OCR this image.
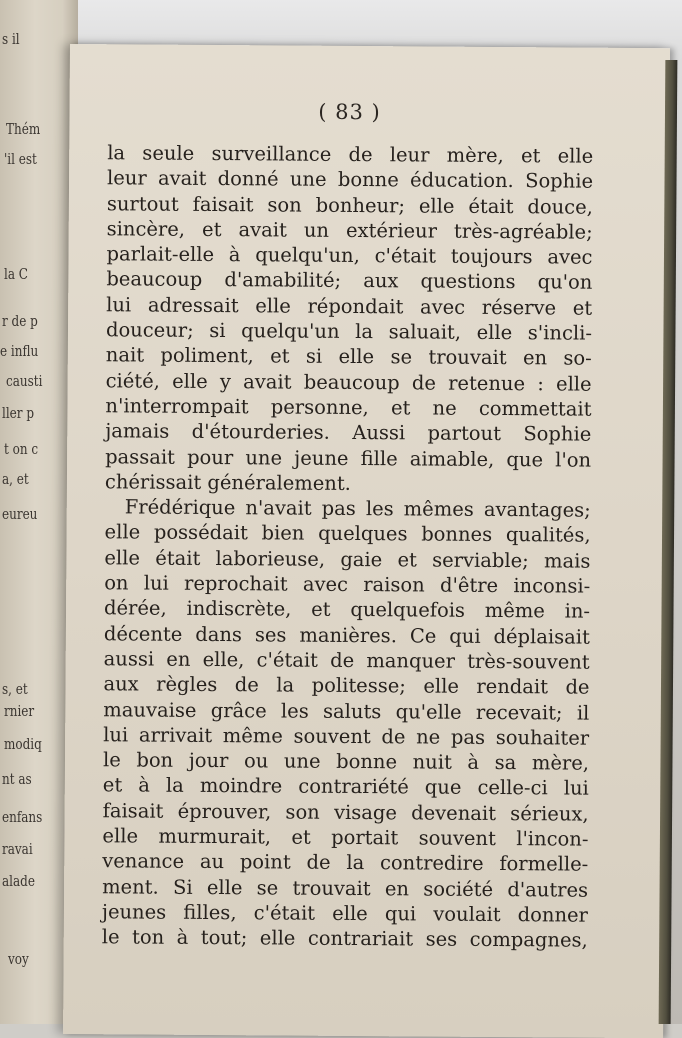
s il
Thém
'il est
la C
r de p
e influ
causti
ller p
t on c
a, et
eureu
s, et
rnier
modiq
nt as
enfans
ravai
alade
voy
( 83 )
la seule surveillance de leur mère, et elle
leur avait donné une bonne éducation. Sophie
surtout faisait son bonheur; elle était douce,
sincère, et avait un extérieur très-agréable;
parlait-elle à quelqu'un, c'était toujours avec
beaucoup d'amabilité; aux questions qu'on
lui adressait elle répondait avec réserve et
douceur; si quelqu'un la saluait, elle s'incli-
nait poliment, et si elle se trouvait en so-
ciété, elle y avait beaucoup de retenue : elle
n'interrompait personne, et ne commettait
jamais d'étourderies. Aussi partout Sophie
passait pour une jeune fille aimable, que l'on
chérissait généralement.
Frédérique n'avait pas les mêmes avantages;
elle possédait bien quelques bonnes qualités,
elle était laborieuse, gaie et serviable; mais
on lui reprochait avec raison d'être inconsi-
dérée, indiscrète, et quelquefois même in-
décente dans ses manières. Ce qui déplaisait
aussi en elle, c'était de manquer très-souvent
aux règles de la politesse; elle rendait de
mauvaise grâce les saluts qu'elle recevait; il
lui arrivait même souvent de ne pas souhaiter
le bon jour ou une bonne nuit à sa mère,
et à la moindre contrariété que celle-ci lui
faisait éprouver, son visage devenait sérieux,
elle murmurait, et portait souvent l'incon-
venance au point de la contredire formelle-
ment. Si elle se trouvait en société d'autres
jeunes filles, c'était elle qui voulait donner
le ton à tout; elle contrariait ses compagnes,
